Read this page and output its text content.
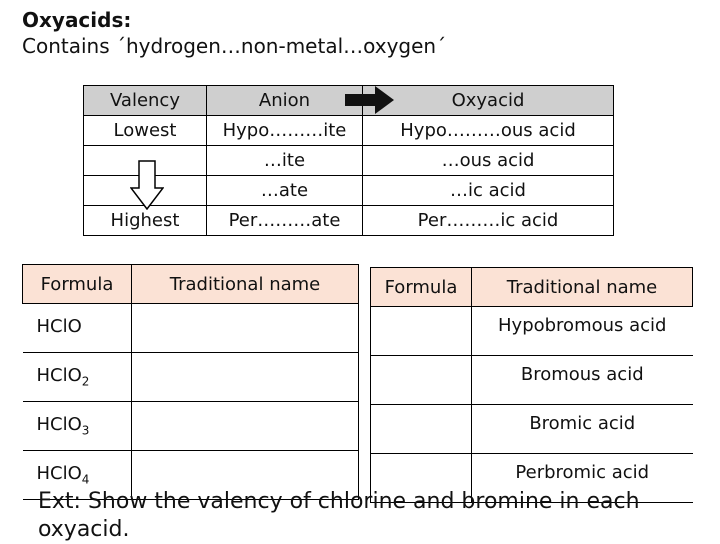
Oxyacids:
Contains ´hydrogen…non-metal…oxygen´
Valency	Anion	Oxyacid
Lowest	Hypo………ite	Hypo………ous acid
	…ite	…ous acid
	…ate	…ic acid
Highest	Per………ate	Per………ic acid
Formula	Traditional name
HClO	
HClO$_2$	
HClO$_3$	
HClO$_4$	
Formula	Traditional name
	Hypobromous acid
	Bromous acid
	Bromic acid
	Perbromic acid
Ext: Show the valency of chlorine and bromine in each oxyacid.
